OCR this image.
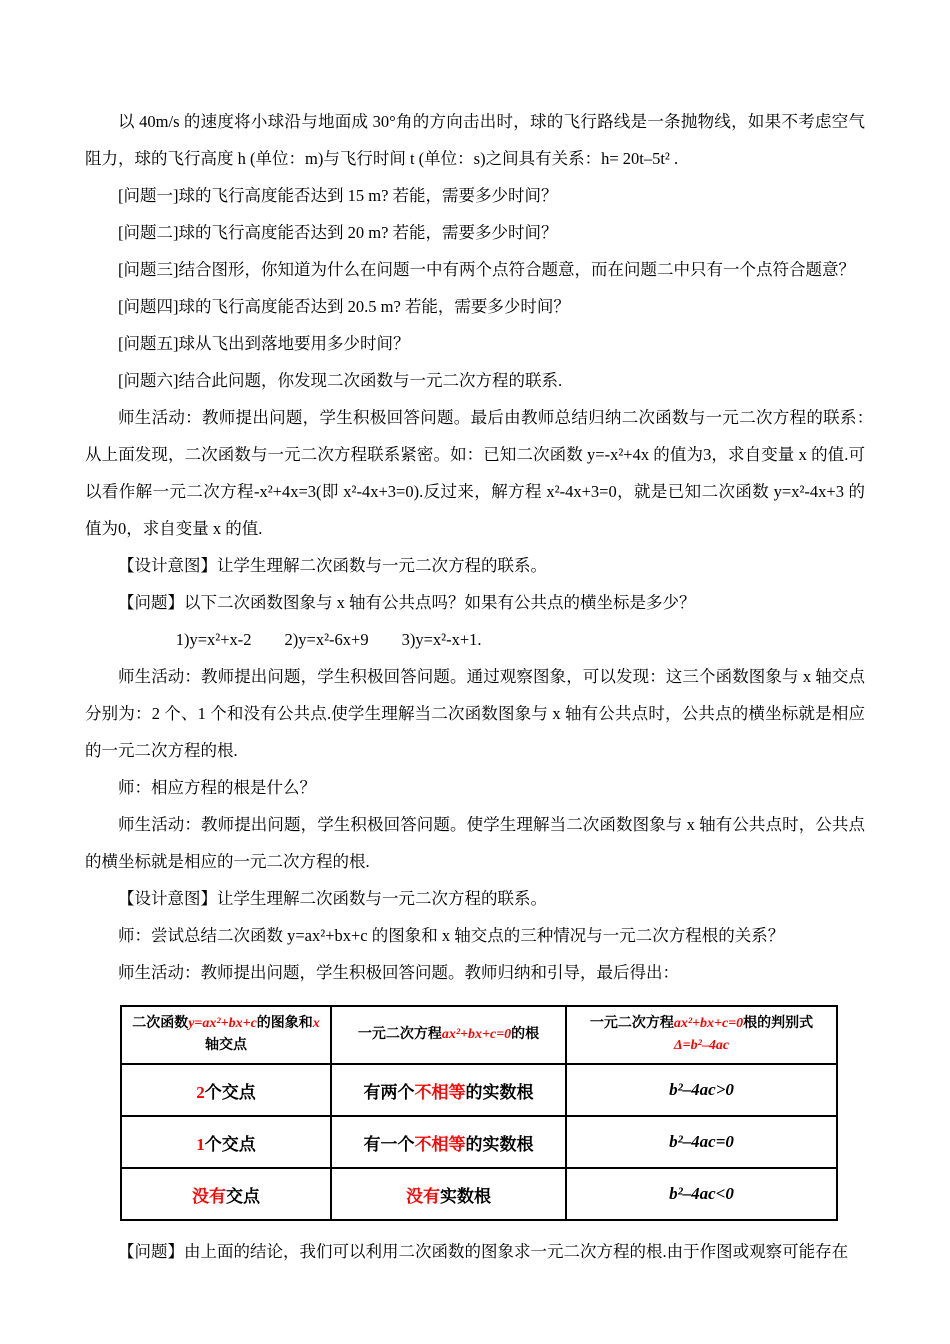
以 40m/s 的速度将小球沿与地面成 30°角的方向击出时，球的飞行路线是一条抛物线，如果不考虑空气阻力，球的飞行高度 h (单位：m)与飞行时间 t (单位：s)之间具有关系：h= 20t–5t² .

[问题一]球的飞行高度能否达到 15 m? 若能，需要多少时间？

[问题二]球的飞行高度能否达到 20 m? 若能，需要多少时间？

[问题三]结合图形，你知道为什么在问题一中有两个点符合题意，而在问题二中只有一个点符合题意？

[问题四]球的飞行高度能否达到 20.5 m? 若能，需要多少时间？

[问题五]球从飞出到落地要用多少时间？

[问题六]结合此问题，你发现二次函数与一元二次方程的联系.

师生活动：教师提出问题，学生积极回答问题。最后由教师总结归纳二次函数与一元二次方程的联系：　从上面发现，二次函数与一元二次方程联系紧密。如：已知二次函数 y=-x²+4x 的值为3，求自变量 x 的值.可以看作解一元二次方程-x²+4x=3(即 x²-4x+3=0).反过来，解方程 x²-4x+3=0，就是已知二次函数 y=x²-4x+3 的值为0，求自变量 x 的值.

【设计意图】让学生理解二次函数与一元二次方程的联系。

【问题】以下二次函数图象与 x 轴有公共点吗？如果有公共点的横坐标是多少？

1)y=x²+x-2　　2)y=x²-6x+9　　3)y=x²-x+1.

师生活动：教师提出问题，学生积极回答问题。通过观察图象，可以发现：这三个函数图象与 x 轴交点分别为：2 个、1 个和没有公共点.使学生理解当二次函数图象与 x 轴有公共点时，公共点的横坐标就是相应的一元二次方程的根.

师：相应方程的根是什么？

师生活动：教师提出问题，学生积极回答问题。使学生理解当二次函数图象与 x 轴有公共点时，公共点的横坐标就是相应的一元二次方程的根.

【设计意图】让学生理解二次函数与一元二次方程的联系。

师：尝试总结二次函数 y=ax²+bx+c 的图象和 x 轴交点的三种情况与一元二次方程根的关系？

师生活动：教师提出问题，学生积极回答问题。教师归纳和引导，最后得出：

二次函数y=ax²+bx+c的图象和x轴交点	一元二次方程ax²+bx+c=0的根	一元二次方程ax²+bx+c=0根的判别式Δ=b²–4ac
2个交点	有两个不相等的实数根	b²–4ac>0
1个交点	有一个不相等的实数根	b²–4ac=0
没有交点	没有实数根	b²–4ac<0

【问题】由上面的结论，我们可以利用二次函数的图象求一元二次方程的根.由于作图或观察可能存在
